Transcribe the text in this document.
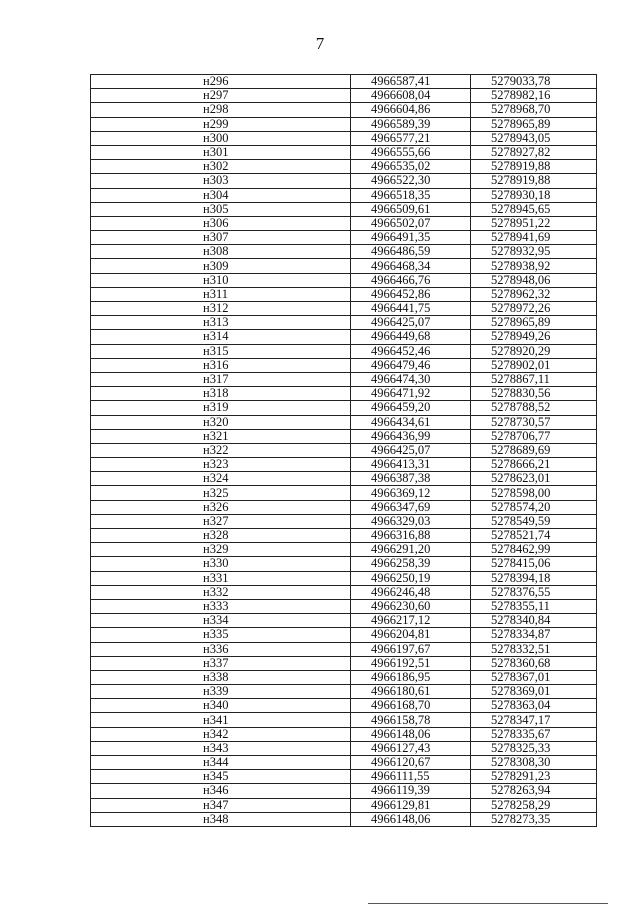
7
н296	4966587,41	5279033,78
н297	4966608,04	5278982,16
н298	4966604,86	5278968,70
н299	4966589,39	5278965,89
н300	4966577,21	5278943,05
н301	4966555,66	5278927,82
н302	4966535,02	5278919,88
н303	4966522,30	5278919,88
н304	4966518,35	5278930,18
н305	4966509,61	5278945,65
н306	4966502,07	5278951,22
н307	4966491,35	5278941,69
н308	4966486,59	5278932,95
н309	4966468,34	5278938,92
н310	4966466,76	5278948,06
н311	4966452,86	5278962,32
н312	4966441,75	5278972,26
н313	4966425,07	5278965,89
н314	4966449,68	5278949,26
н315	4966452,46	5278920,29
н316	4966479,46	5278902,01
н317	4966474,30	5278867,11
н318	4966471,92	5278830,56
н319	4966459,20	5278788,52
н320	4966434,61	5278730,57
н321	4966436,99	5278706,77
н322	4966425,07	5278689,69
н323	4966413,31	5278666,21
н324	4966387,38	5278623,01
н325	4966369,12	5278598,00
н326	4966347,69	5278574,20
н327	4966329,03	5278549,59
н328	4966316,88	5278521,74
н329	4966291,20	5278462,99
н330	4966258,39	5278415,06
н331	4966250,19	5278394,18
н332	4966246,48	5278376,55
н333	4966230,60	5278355,11
н334	4966217,12	5278340,84
н335	4966204,81	5278334,87
н336	4966197,67	5278332,51
н337	4966192,51	5278360,68
н338	4966186,95	5278367,01
н339	4966180,61	5278369,01
н340	4966168,70	5278363,04
н341	4966158,78	5278347,17
н342	4966148,06	5278335,67
н343	4966127,43	5278325,33
н344	4966120,67	5278308,30
н345	4966111,55	5278291,23
н346	4966119,39	5278263,94
н347	4966129,81	5278258,29
н348	4966148,06	5278273,35
